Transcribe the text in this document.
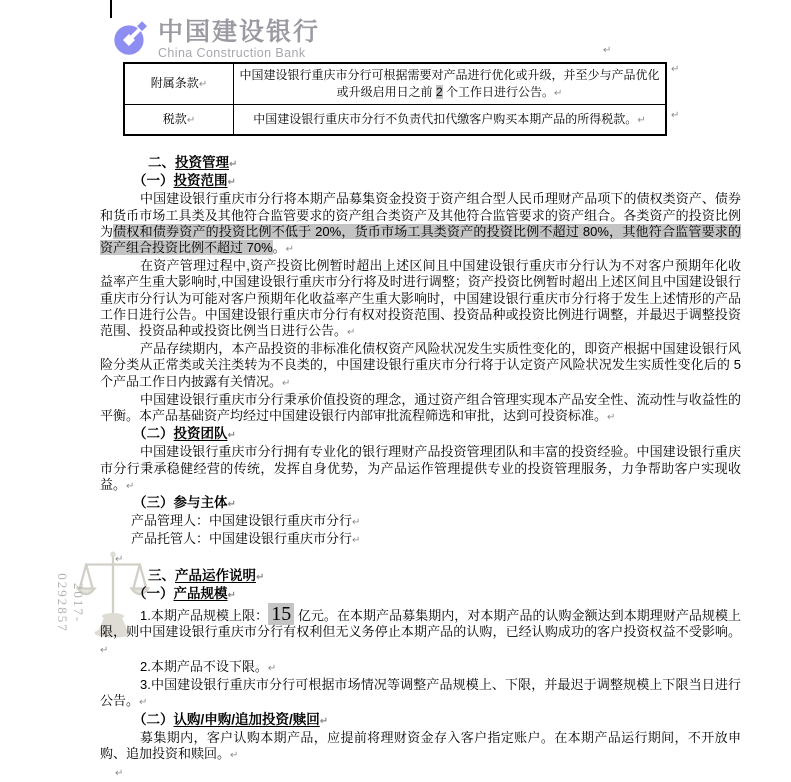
中国建设银行
China Construction Bank	↵
附属条款↵	中国建设银行重庆市分行可根据需要对产品进行优化或升级，并至少与产品优化或升级启用日之前 2 个工作日进行公告。↵
税款↵	中国建设银行重庆市分行不负责代扣代缴客户购买本期产品的所得税款。↵
↵
↵
2017-0292857

二、投资管理↵

（一）投资范围↵

中国建设银行重庆市分行将本期产品募集资金投资于资产组合型人民币理财产品项下的债权类资产、债券和货币市场工具类及其他符合监管要求的资产组合类资产及其他符合监管要求的资产组合。各类资产的投资比例为债权和债券资产的投资比例不低于 20%，货币市场工具类资产的投资比例不超过 80%，其他符合监管要求的资产组合投资比例不超过 70%。↵

在资产管理过程中,资产投资比例暂时超出上述区间且中国建设银行重庆市分行认为不对客户预期年化收益率产生重大影响时,中国建设银行重庆市分行将及时进行调整；资产投资比例暂时超出上述区间且中国建设银行重庆市分行认为可能对客户预期年化收益率产生重大影响时，中国建设银行重庆市分行将于发生上述情形的产品工作日进行公告。中国建设银行重庆市分行有权对投资范围、投资品种或投资比例进行调整，并最迟于调整投资范围、投资品种或投资比例当日进行公告。↵

产品存续期内，本产品投资的非标准化债权资产风险状况发生实质性变化的，即资产根据中国建设银行风险分类从正常类或关注类转为不良类的，中国建设银行重庆市分行将于认定资产风险状况发生实质性变化后的 5 个产品工作日内披露有关情况。↵

中国建设银行重庆市分行秉承价值投资的理念，通过资产组合管理实现本产品安全性、流动性与收益性的平衡。本产品基础资产均经过中国建设银行内部审批流程筛选和审批，达到可投资标准。↵

（二）投资团队↵

中国建设银行重庆市分行拥有专业化的银行理财产品投资管理团队和丰富的投资经验。中国建设银行重庆市分行秉承稳健经营的传统，发挥自身优势，为产品运作管理提供专业的投资管理服务，力争帮助客户实现收益。↵

（三）参与主体↵

产品管理人：中国建设银行重庆市分行↵

产品托管人：中国建设银行重庆市分行↵

↵

三、产品运作说明↵

（一）产品规模↵

1.本期产品规模上限： 15 亿元。在本期产品募集期内，对本期产品的认购金额达到本期理财产品规模上限，则中国建设银行重庆市分行有权利但无义务停止本期产品的认购，已经认购成功的客户投资权益不受影响。 ↵

2.本期产品不设下限。↵

3.中国建设银行重庆市分行可根据市场情况等调整产品规模上、下限，并最迟于调整规模上下限当日进行公告。↵

（二）认购/申购/追加投资/赎回↵

募集期内，客户认购本期产品，应提前将理财资金存入客户指定账户。在本期产品运行期间，不开放申购、追加投资和赎回。↵

↵
